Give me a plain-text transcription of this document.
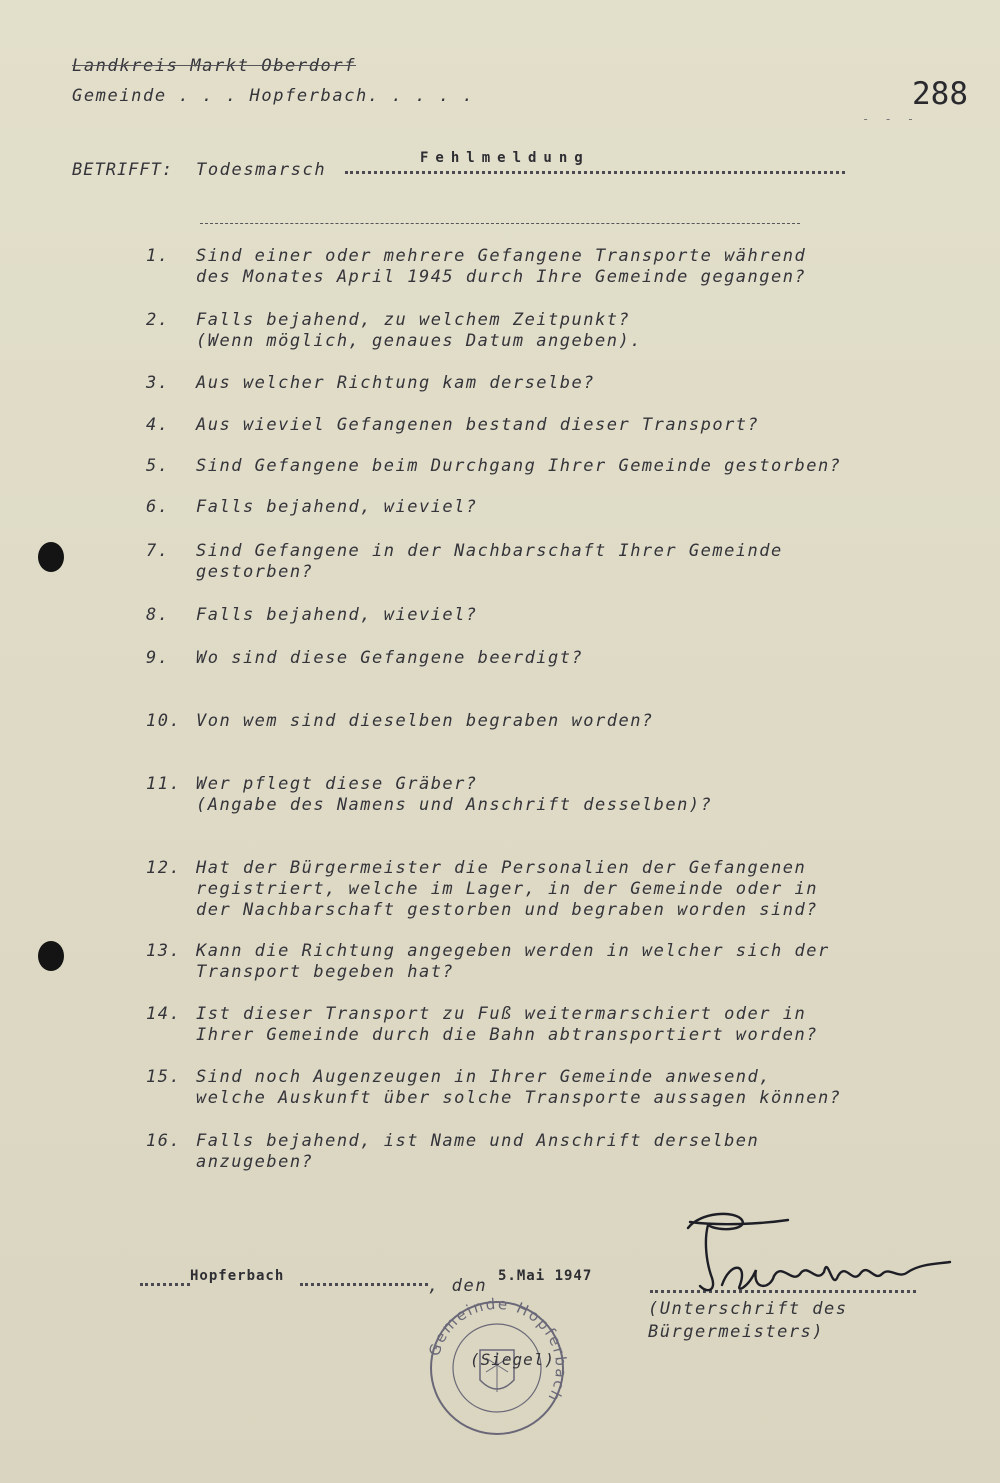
Landkreis Markt Oberdorf
Gemeinde . . . Hopferbach. . . . .	288
- - -
BETRIFFT: Todesmarsch
Fehlmeldung
1.	Sind einer oder mehrere Gefangene Transporte während
des Monates April 1945 durch Ihre Gemeinde gegangen?
2.	Falls bejahend, zu welchem Zeitpunkt?
(Wenn möglich, genaues Datum angeben).
3.	Aus welcher Richtung kam derselbe?
4.	Aus wieviel Gefangenen bestand dieser Transport?
5.	Sind Gefangene beim Durchgang Ihrer Gemeinde gestorben?
6.	Falls bejahend, wieviel?
7.	Sind Gefangene in der Nachbarschaft Ihrer Gemeinde
gestorben?
8.	Falls bejahend, wieviel?
9.	Wo sind diese Gefangene beerdigt?
10. Von wem sind dieselben begraben worden?
11. Wer pflegt diese Gräber?
(Angabe des Namens und Anschrift desselben)?
12. Hat der Bürgermeister die Personalien der Gefangenen
registriert, welche im Lager, in der Gemeinde oder in
der Nachbarschaft gestorben und begraben worden sind?
13. Kann die Richtung angegeben werden in welcher sich der
Transport begeben hat?
14. Ist dieser Transport zu Fuß weitermarschiert oder in
Ihrer Gemeinde durch die Bahn abtransportiert worden?
15. Sind noch Augenzeugen in Ihrer Gemeinde anwesend,
welche Auskunft über solche Transporte aussagen können?
16. Falls bejahend, ist Name und Anschrift derselben
anzugeben?
Hopferbach	, den 5.Mai 1947
(Unterschrift des
Bürgermeisters)
Gemeinde Hopferbach
(Siegel)
